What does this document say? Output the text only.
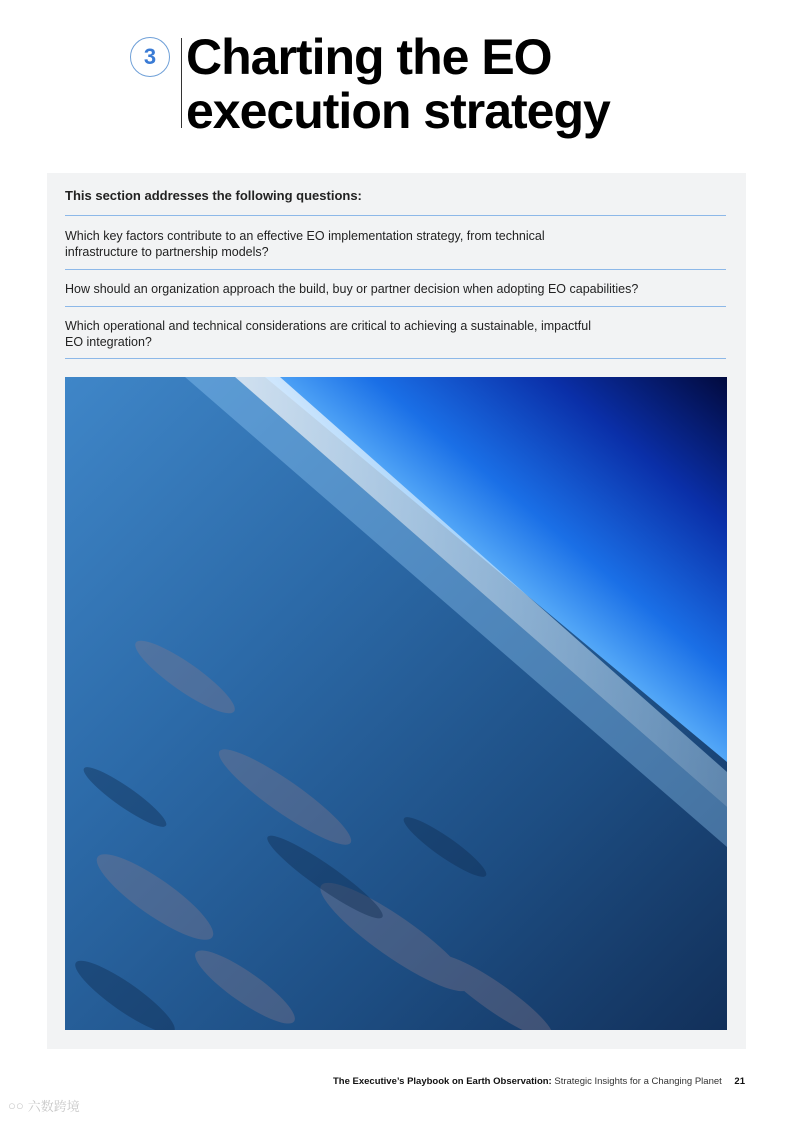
3 Charting the EO execution strategy
This section addresses the following questions:
Which key factors contribute to an effective EO implementation strategy, from technical
infrastructure to partnership models?
How should an organization approach the build, buy or partner decision when adopting EO capabilities?
Which operational and technical considerations are critical to achieving a sustainable, impactful
EO integration?
The Executive’s Playbook on Earth Observation: Strategic Insights for a Changing Planet 21
○○ 六数跨境
